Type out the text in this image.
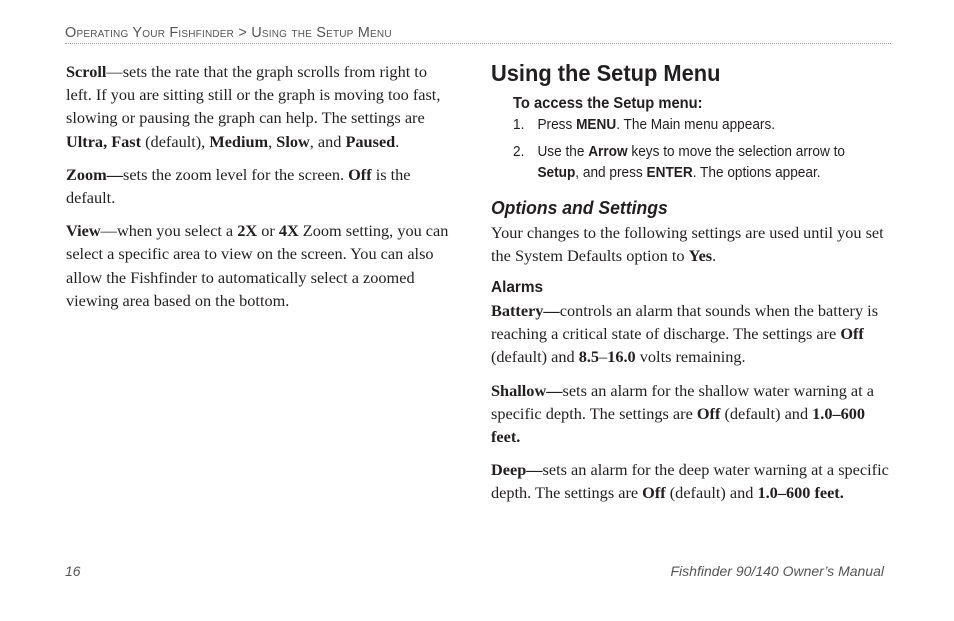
Operating Your Fishfinder > Using the Setup Menu

Scroll—sets the rate that the graph scrolls from right to left. If you are sitting still or the graph is moving too fast, slowing or pausing the graph can help. The settings are Ultra, Fast (default), Medium, Slow, and Paused.

Zoom—sets the zoom level for the screen. Off is the default.

View—when you select a 2X or 4X Zoom setting, you can select a specific area to view on the screen. You can also allow the Fishfinder to automatically select a zoomed viewing area based on the bottom.

Using the Setup Menu
To access the Setup menu:
1. Press MENU. The Main menu appears.
2. Use the Arrow keys to move the selection arrow to Setup, and press ENTER. The options appear.
Options and Settings

Your changes to the following settings are used until you set the System Defaults option to Yes.

Alarms

Battery—controls an alarm that sounds when the battery is reaching a critical state of discharge. The settings are Off (default) and 8.5–16.0 volts remaining.

Shallow—sets an alarm for the shallow water warning at a specific depth. The settings are Off (default) and 1.0–600 feet.

Deep—sets an alarm for the deep water warning at a specific depth. The settings are Off (default) and 1.0–600 feet.

16	Fishfinder 90/140 Owner’s Manual
